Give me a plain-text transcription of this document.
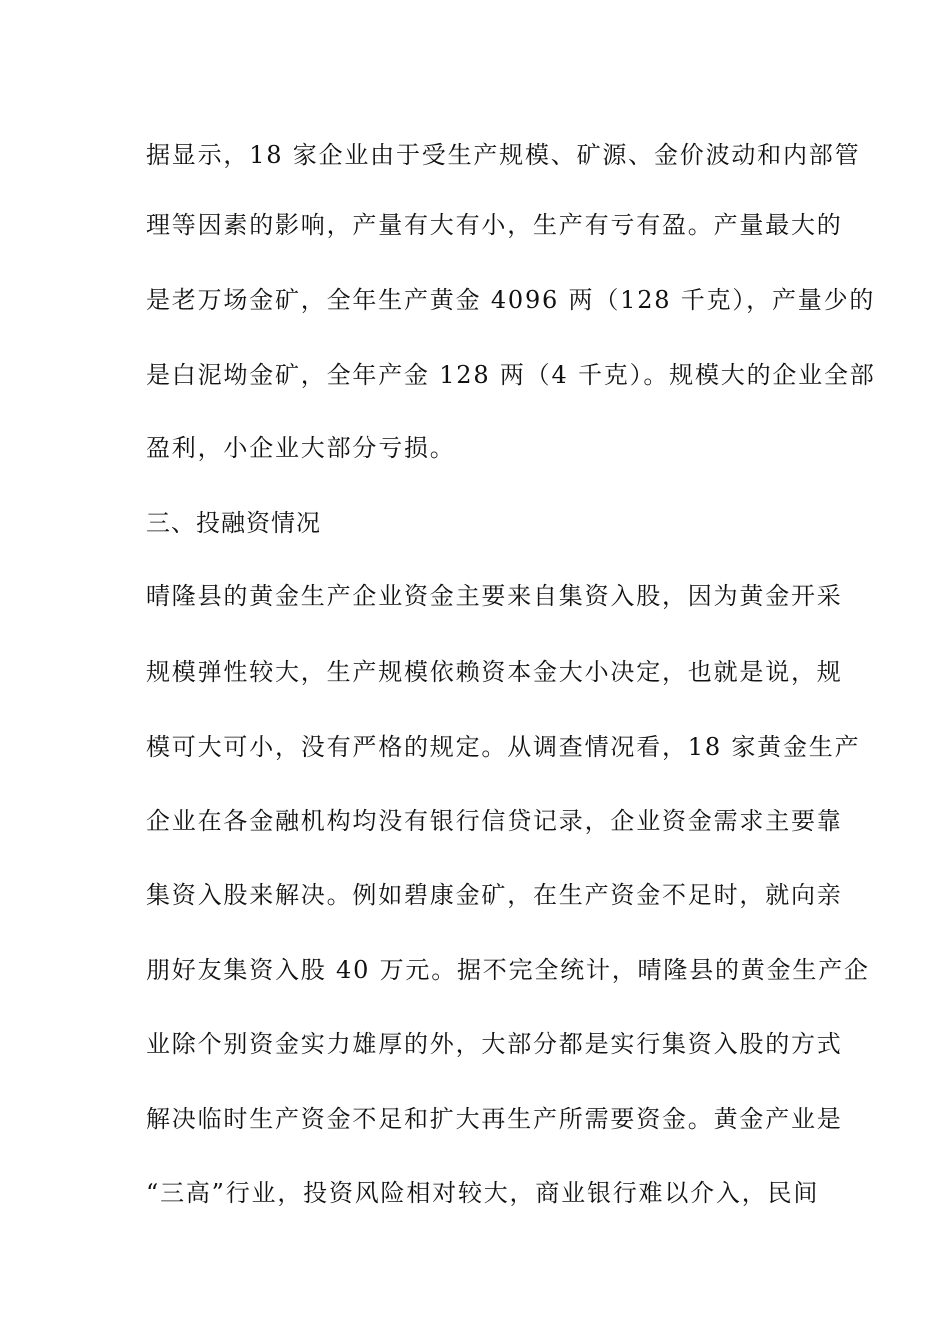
据显示，18 家企业由于受生产规模、矿源、金价波动和内部管
理等因素的影响，产量有大有小，生产有亏有盈。产量最大的
是老万场金矿，全年生产黄金 4096 两（128 千克），产量少的
是白泥坳金矿，全年产金 128 两（4 千克）。规模大的企业全部
盈利，小企业大部分亏损。
三、投融资情况
晴隆县的黄金生产企业资金主要来自集资入股，因为黄金开采
规模弹性较大，生产规模依赖资本金大小决定，也就是说，规
模可大可小，没有严格的规定。从调查情况看，18 家黄金生产
企业在各金融机构均没有银行信贷记录，企业资金需求主要靠
集资入股来解决。例如碧康金矿，在生产资金不足时，就向亲
朋好友集资入股 40 万元。据不完全统计，晴隆县的黄金生产企
业除个别资金实力雄厚的外，大部分都是实行集资入股的方式
解决临时生产资金不足和扩大再生产所需要资金。黄金产业是
“三高”行业，投资风险相对较大，商业银行难以介入，民间
